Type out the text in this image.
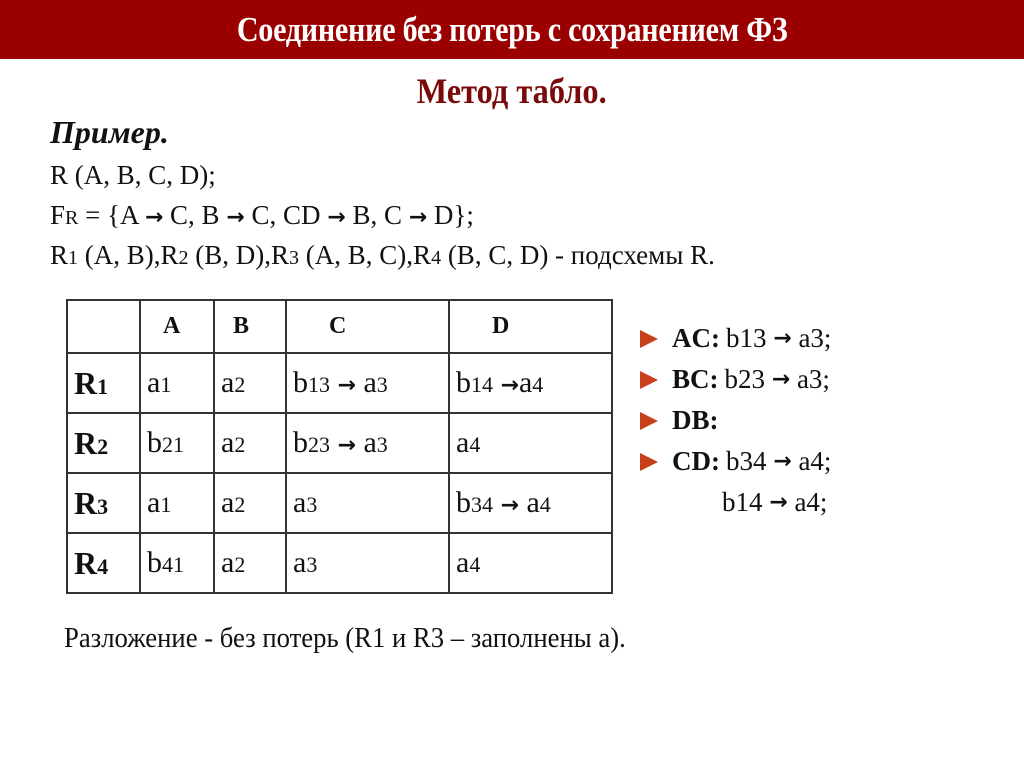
Соединение без потерь с сохранением ФЗ
Метод табло.
Пример.
R (A, B, C, D);
FR = {A → C, B → C, CD → B, C → D};
R1 (A, B),R2 (B, D),R3 (A, B, C),R4 (B, C, D) - подсхемы R.
	A	B	C	D
R1	a1	a2	b13 → a3	b14 →a4
R2	b21	a2	b23 → a3	a4
R3	a1	a2	a3	b34 → a4
R4	b41	a2	a3	a4
AC: b13
→
a3;
BC: b23
→
a3;
DB:
CD: b34
→
a4;
b14
→
a4;
Разложение - без потерь (R1 и R3 – заполнены а).
